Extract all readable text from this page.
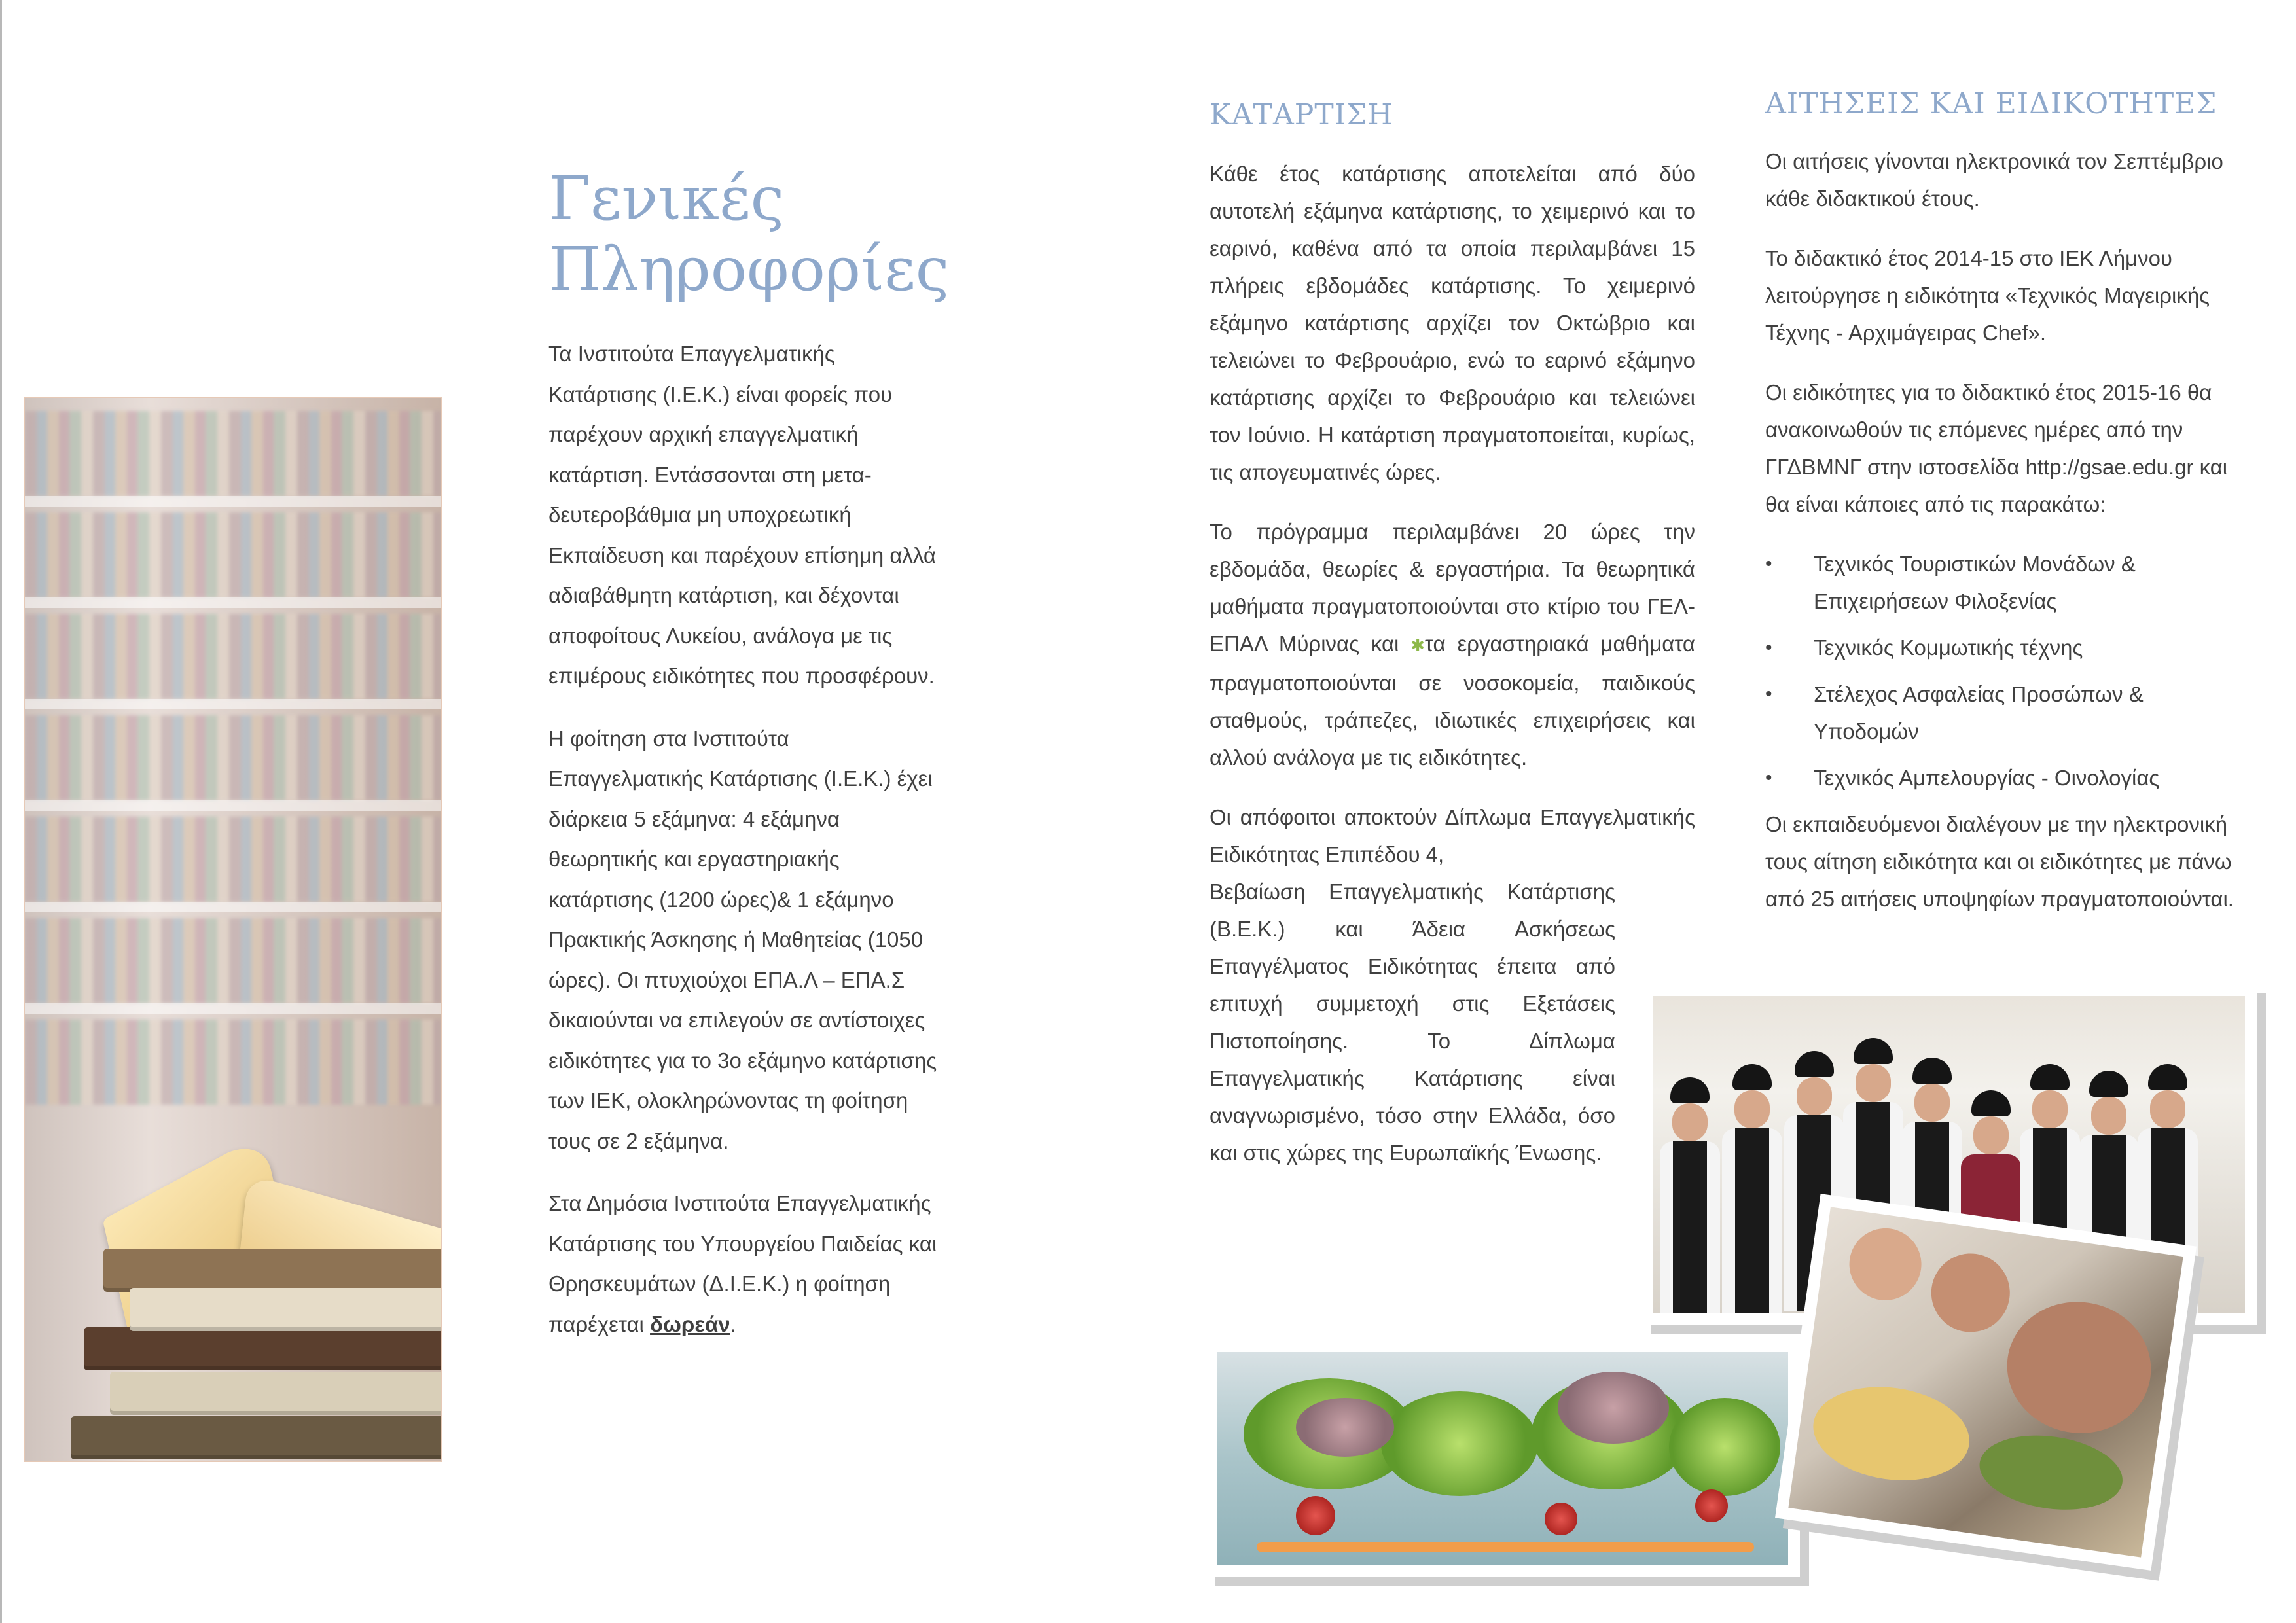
Γενικές
Πληροφορίες

Τα Ινστιτούτα Επαγγελματικής Κατάρτισης (Ι.Ε.Κ.) είναι φορείς που παρέχουν αρχική επαγγελματική κατάρτιση. Εντάσσονται στη μετα-δευτεροβάθμια μη υποχρεωτική Εκπαίδευση και παρέχουν επίσημη αλλά αδιαβάθμητη κατάρτιση, και δέχονται αποφοίτους Λυκείου, ανάλογα με τις επιμέρους ειδικότητες που προσφέρουν.

Η φοίτηση στα Ινστιτούτα Επαγγελματικής Κατάρτισης (Ι.Ε.Κ.) έχει διάρκεια 5 εξάμηνα: 4 εξάμηνα θεωρητικής και εργαστηριακής κατάρτισης (1200 ώρες)& 1 εξάμηνο Πρακτικής Άσκησης ή Μαθητείας (1050 ώρες). Οι πτυχιούχοι ΕΠΑ.Λ – ΕΠΑ.Σ δικαιούνται να επιλεγούν σε αντίστοιχες ειδικότητες για το 3ο εξάμηνο κατάρτισης των ΙΕΚ, ολοκληρώνοντας τη φοίτηση τους σε 2 εξάμηνα.

Στα Δημόσια Ινστιτούτα Επαγγελματικής Κατάρτισης του Υπουργείου Παιδείας και Θρησκευμάτων (Δ.Ι.Ε.Κ.) η φοίτηση παρέχεται δωρεάν.

ΚΑΤΑΡΤΙΣΗ

Κάθε έτος κατάρτισης αποτελείται από δύο αυτοτελή εξάμηνα κατάρτισης, το χειμερινό και το εαρινό, καθένα από τα οποία περιλαμβάνει 15 πλήρεις εβδομάδες κατάρτισης. Το χειμερινό εξάμηνο κατάρτισης αρχίζει τον Οκτώβριο και τελειώνει το Φεβρουάριο, ενώ το εαρινό εξάμηνο κατάρτισης αρχίζει το Φεβρουάριο και τελειώνει τον Ιούνιο. Η κατάρτιση πραγματοποιείται, κυρίως, τις απογευματινές ώρες.

Το πρόγραμμα περιλαμβάνει 20 ώρες την εβδομάδα, θεωρίες & εργαστήρια. Τα θεωρητικά μαθήματα πραγματοποιούνται στο κτίριο του ΓΕΛ-ΕΠΑΛ Μύρινας και ✱τα εργαστηριακά μαθήματα πραγματοποιούνται σε νοσοκομεία, παιδικούς σταθμούς, τράπεζες, ιδιωτικές επιχειρήσεις και αλλού ανάλογα με τις ειδικότητες.

Οι απόφοιτοι αποκτούν Δίπλωμα Επαγγελματικής Ειδικότητας Επιπέδου 4,

Βεβαίωση Επαγγελματικής Κατάρτισης (Β.Ε.Κ.) και Άδεια Ασκήσεως Επαγγέλματος Ειδικότητας έπειτα από επιτυχή συμμετοχή στις Εξετάσεις Πιστοποίησης. Το Δίπλωμα Επαγγελματικής Κατάρτισης είναι αναγνωρισμένο, τόσο στην Ελλάδα, όσο και στις χώρες της Ευρωπαϊκής Ένωσης.

ΑΙΤΗΣΕΙΣ ΚΑΙ ΕΙΔΙΚΟΤΗΤΕΣ

Οι αιτήσεις γίνονται ηλεκτρονικά τον Σεπτέμβριο κάθε διδακτικού έτους.

Το διδακτικό έτος 2014-15 στο ΙΕΚ Λήμνου λειτούργησε η ειδικότητα «Τεχνικός Μαγειρικής Τέχνης - Αρχιμάγειρας Chef».

Οι ειδικότητες για το διδακτικό έτος 2015-16 θα ανακοινωθούν τις επόμενες ημέρες από την ΓΓΔΒΜΝΓ στην ιστοσελίδα http://gsae.edu.gr και θα είναι κάποιες από τις παρακάτω:

• Τεχνικός Τουριστικών Μονάδων & Επιχειρήσεων Φιλοξενίας
• Τεχνικός Κομμωτικής τέχνης
• Στέλεχος Ασφαλείας Προσώπων & Υποδομών
• Τεχνικός Αμπελουργίας - Οινολογίας

Οι εκπαιδευόμενοι διαλέγουν με την ηλεκτρονική τους αίτηση ειδικότητα και οι ειδικότητες με πάνω από 25 αιτήσεις υποψηφίων πραγματοποιούνται.
